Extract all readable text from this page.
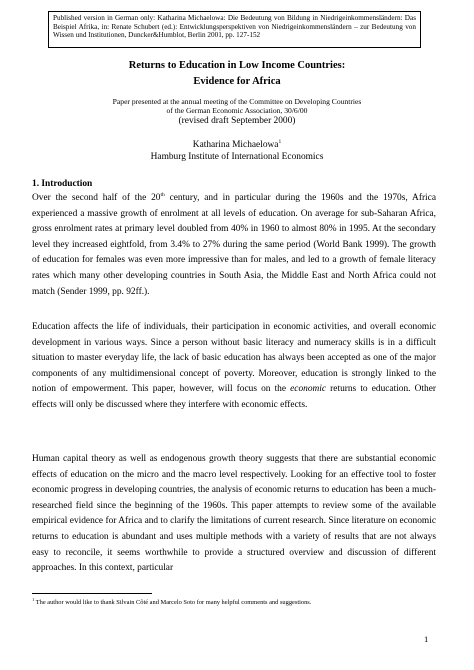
Published version in German only: Katharina Michaelowa: Die Bedeutung von Bildung in Niedrigeinkommensländern: Das Beispiel Afrika, in: Renate Schubert (ed.): Entwicklungsperspektiven von Niedrigeinkommensländern – zur Bedeutung von Wissen und Institutionen, Duncker&Humblot, Berlin 2001, pp. 127-152
Returns to Education in Low Income Countries:
Evidence for Africa
Paper presented at the annual meeting of the Committee on Developing Countries
of the German Economic Association, 30/6/00
(revised draft September 2000)
Katharina Michaelowa$^1$
Hamburg Institute of International Economics
1. Introduction

Over the second half of the 20th century, and in particular during the 1960s and the 1970s, Africa experienced a massive growth of enrolment at all levels of education. On average for sub-Saharan Africa, gross enrolment rates at primary level doubled from 40% in 1960 to almost 80% in 1995. At the secondary level they increased eightfold, from 3.4% to 27% during the same period (World Bank 1999). The growth of education for females was even more impressive than for males, and led to a growth of female literacy rates which many other developing countries in South Asia, the Middle East and North Africa could not match (Sender 1999, pp. 92ff.).

Education affects the life of individuals, their participation in economic activities, and overall economic development in various ways. Since a person without basic literacy and numeracy skills is in a difficult situation to master everyday life, the lack of basic education has always been accepted as one of the major components of any multidimensional concept of poverty. Moreover, education is strongly linked to the notion of empowerment. This paper, however, will focus on the economic returns to education. Other effects will only be discussed where they interfere with economic effects.

Human capital theory as well as endogenous growth theory suggests that there are substantial economic effects of education on the micro and the macro level respectively. Looking for an effective tool to foster economic progress in developing countries, the analysis of economic returns to education has been a much-researched field since the beginning of the 1960s. This paper attempts to review some of the available empirical evidence for Africa and to clarify the limitations of current research. Since literature on economic returns to education is abundant and uses multiple methods with a variety of results that are not always easy to reconcile, it seems worthwhile to provide a structured overview and discussion of different approaches. In this context, particular

$^1$ The author would like to thank Silvain Côté and Marcelo Soto for many helpful comments and suggestions.
1
